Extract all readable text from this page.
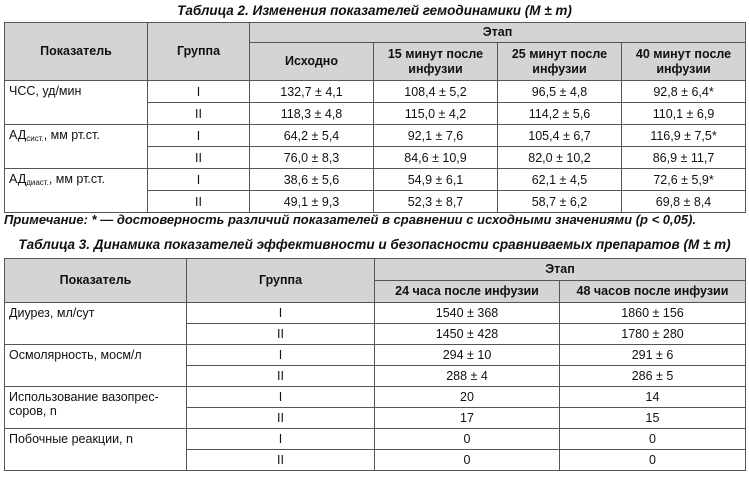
Таблица 2. Изменения показателей гемодинамики (M ± m)
Показатель	Группа	Этап			
		Исходно	15 минут после инфузии	25 минут после инфузии	40 минут после инфузии
ЧСС, уд/мин	I	132,7 ± 4,1	108,4 ± 5,2	96,5 ± 4,8	92,8 ± 6,4*
	II	118,3 ± 4,8	115,0 ± 4,2	114,2 ± 5,6	110,1 ± 6,9
$АД_{сист.}$, мм рт.ст.	I	64,2 ± 5,4	92,1 ± 7,6	105,4 ± 6,7	116,9 ± 7,5*
	II	76,0 ± 8,3	84,6 ± 10,9	82,0 ± 10,2	86,9 ± 11,7
$АД_{диаст.}$, мм рт.ст.	I	38,6 ± 5,6	54,9 ± 6,1	62,1 ± 4,5	72,6 ± 5,9*
	II	49,1 ± 9,3	52,3 ± 8,7	58,7 ± 6,2	69,8 ± 8,4
Примечание: * — достоверность различий показателей в сравнении с исходными значениями (p < 0,05).
Таблица 3. Динамика показателей эффективности и безопасности сравниваемых препаратов (M ± m)
Показатель	Группа	Этап	
		24 часа после инфузии	48 часов после инфузии
Диурез, мл/сут	I	1540 ± 368	1860 ± 156
	II	1450 ± 428	1780 ± 280
Осмолярность, мосм/л	I	294 ± 10	291 ± 6
	II	288 ± 4	286 ± 5
Использование вазопрес-соров, n	I	20	14
	II	17	15
Побочные реакции, n	I	0	0
	II	0	0
